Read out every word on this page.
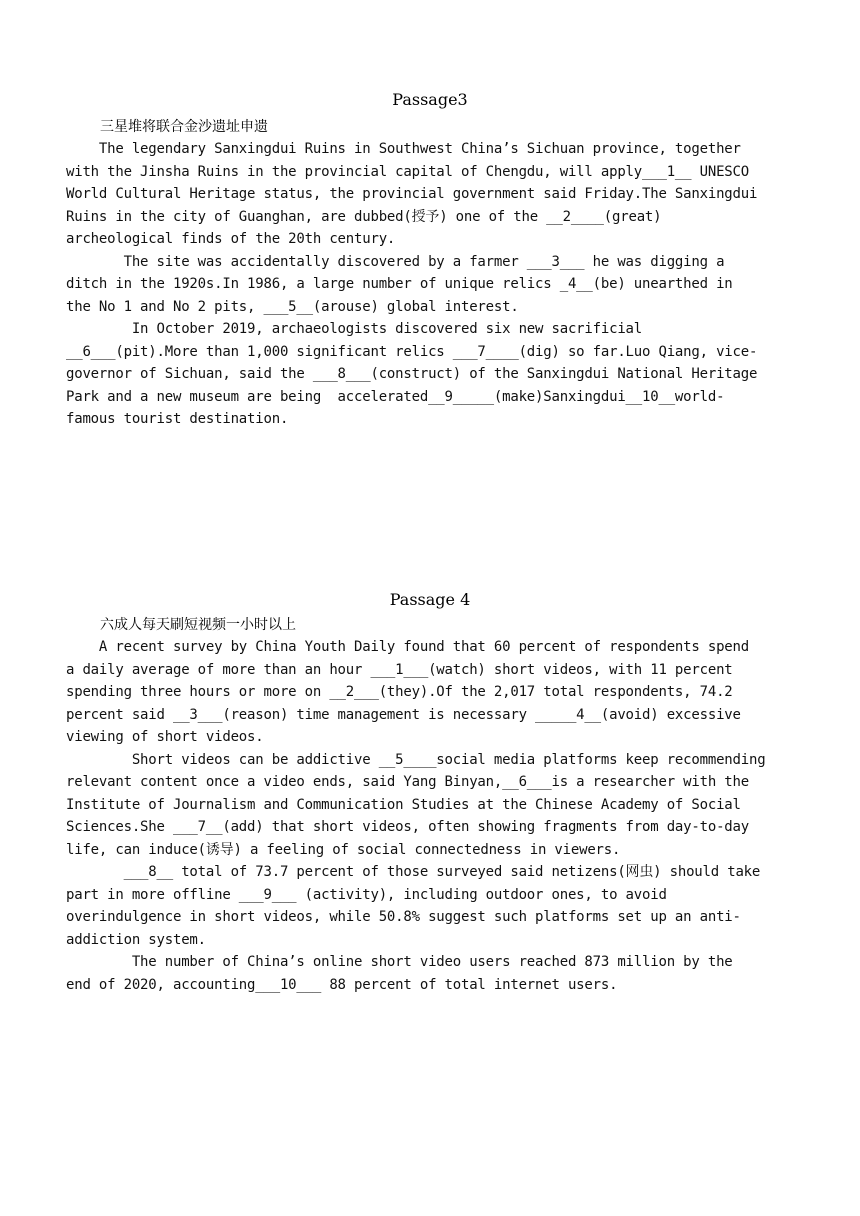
Passage3
三星堆将联合金沙遗址申遗
The legendary Sanxingdui Ruins in Southwest China’s Sichuan province, together
with the Jinsha Ruins in the provincial capital of Chengdu, will apply___1__ UNESCO
World Cultural Heritage status, the provincial government said Friday.The Sanxingdui
Ruins in the city of Guanghan, are dubbed(授予) one of the __2____(great)
archeological finds of the 20th century.
The site was accidentally discovered by a farmer ___3___ he was digging a
ditch in the 1920s.In 1986, a large number of unique relics _4__(be) unearthed in
the No 1 and No 2 pits, ___5__(arouse) global interest.
In October 2019, archaeologists discovered six new sacrificial
__6___(pit).More than 1,000 significant relics ___7____(dig) so far.Luo Qiang, vice-
governor of Sichuan, said the ___8___(construct) of the Sanxingdui National Heritage
Park and a new museum are being  accelerated__9_____(make)Sanxingdui__10__world-
famous tourist destination.
Passage 4
六成人每天刷短视频一小时以上
A recent survey by China Youth Daily found that 60 percent of respondents spend
a daily average of more than an hour ___1___(watch) short videos, with 11 percent
spending three hours or more on __2___(they).Of the 2,017 total respondents, 74.2
percent said __3___(reason) time management is necessary _____4__(avoid) excessive
viewing of short videos.
Short videos can be addictive __5____social media platforms keep recommending
relevant content once a video ends, said Yang Binyan,__6___is a researcher with the
Institute of Journalism and Communication Studies at the Chinese Academy of Social
Sciences.She ___7__(add) that short videos, often showing fragments from day-to-day
life, can induce(诱导) a feeling of social connectedness in viewers.
___8__ total of 73.7 percent of those surveyed said netizens(网虫) should take
part in more offline ___9___ (activity), including outdoor ones, to avoid
overindulgence in short videos, while 50.8% suggest such platforms set up an anti-
addiction system.
The number of China’s online short video users reached 873 million by the
end of 2020, accounting___10___ 88 percent of total internet users.
